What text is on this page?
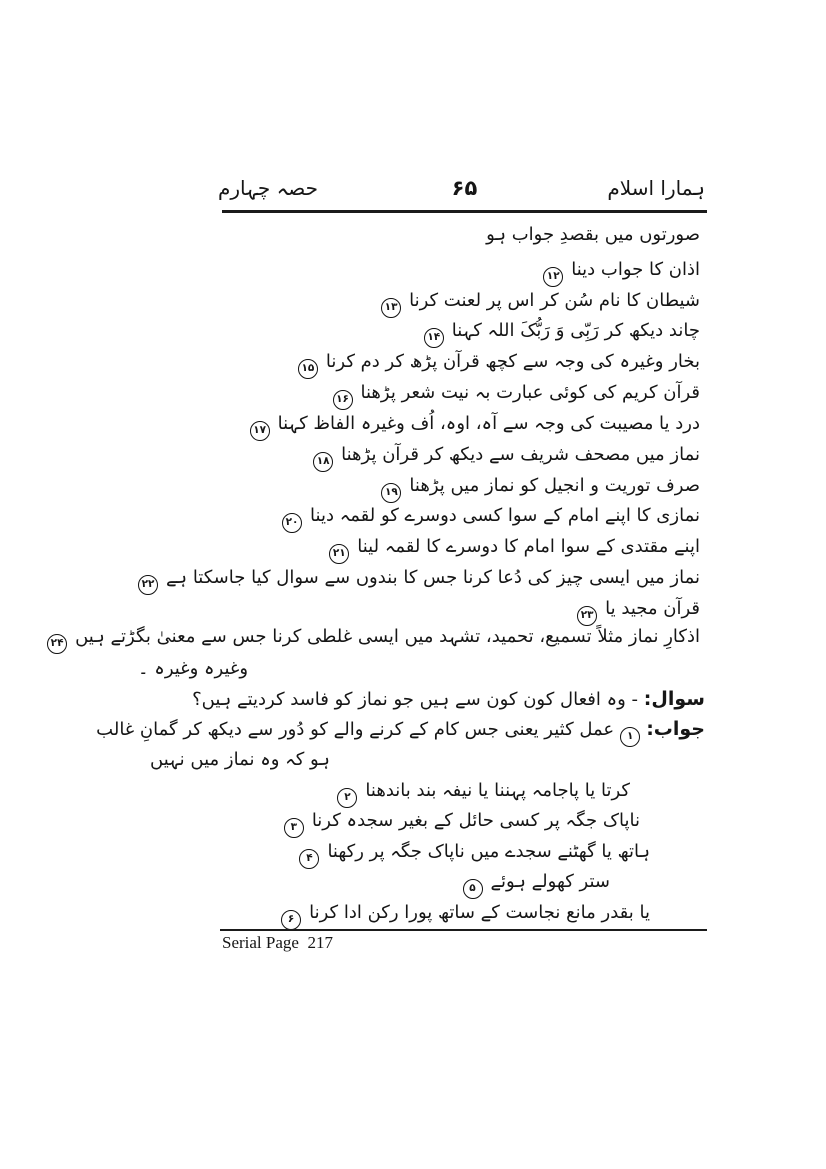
ہمارا اسلام
۶۵
حصہ چہارم
صورتوں میں بقصدِ جواب ہو
اذان کا جواب دینا۱۲
شیطان کا نام سُن کر اس پر لعنت کرنا۱۳
چاند دیکھ کر رَبِّی وَ رَبُّکَ اللہ کہنا۱۴
بخار وغیرہ کی وجہ سے کچھ قرآن پڑھ کر دم کرنا۱۵
قرآن کریم کی کوئی عبارت بہ نیت شعر پڑھنا۱۶
درد یا مصیبت کی وجہ سے آہ، اوہ، اُف وغیرہ الفاظ کہنا۱۷
نماز میں مصحف شریف سے دیکھ کر قرآن پڑھنا۱۸
صرف توریت و انجیل کو نماز میں پڑھنا۱۹
نمازی کا اپنے امام کے سوا کسی دوسرے کو لقمہ دینا۲۰
اپنے مقتدی کے سوا امام کا دوسرے کا لقمہ لینا۲۱
نماز میں ایسی چیز کی دُعا کرنا جس کا بندوں سے سوال کیا جاسکتا ہے۲۲
قرآن مجید یا۲۳
اذکارِ نماز مثلاً تسمیع، تحمید، تشہد میں ایسی غلطی کرنا جس سے معنیٰ بگڑتے ہیں۲۴
وغیرہ وغیرہ ۔
سوال: - وہ افعال کون کون سے ہیں جو نماز کو فاسد کردیتے ہیں؟
جواب:۱عمل کثیر یعنی جس کام کے کرنے والے کو دُور سے دیکھ کر گمانِ غالب
ہو کہ وہ نماز میں نہیں
کرتا یا پاجامہ پہننا یا نیفہ بند باندھنا۲
ناپاک جگہ پر کسی حائل کے بغیر سجدہ کرنا۳
ہاتھ یا گھٹنے سجدے میں ناپاک جگہ پر رکھنا۴
ستر کھولے ہوئے۵
یا بقدر مانع نجاست کے ساتھ پورا رکن ادا کرنا۶
Serial Page  217
